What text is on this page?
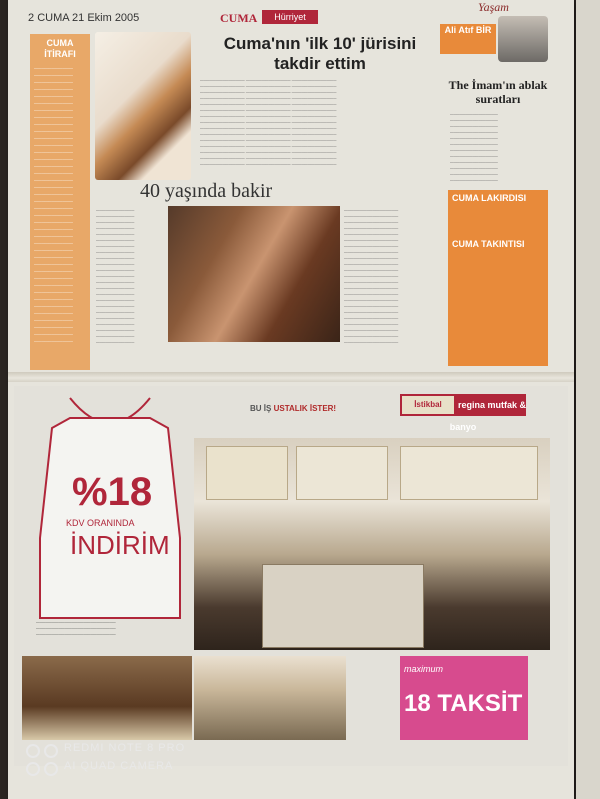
2 CUMA 21 Ekim 2005	CUMA	Hürriyet
Yaşam
CUMA İTİRAFI
───────────
───────────
───────────
───────────
───────────
───────────
───────────
───────────
───────────
───────────
───────────
───────────
───────────
───────────
───────────
───────────
───────────
───────────
───────────
───────────
───────────
───────────
───────────
───────────
───────────
───────────
───────────
───────────
───────────
───────────
───────────
───────────
───────────
───────────
───────────
───────────
───────────
───────────
───────────
───────────
Cuma'nın 'ilk 10' jürisini takdir ettim
────────────── ────────────── ──────────────
────────────── ────────────── ──────────────
────────────── ────────────── ──────────────
────────────── ────────────── ──────────────
────────────── ────────────── ──────────────
────────────── ────────────── ──────────────
────────────── ────────────── ──────────────
────────────── ────────────── ──────────────
────────────── ────────────── ──────────────
────────────── ────────────── ──────────────
────────────── ────────────── ──────────────
────────────── ────────────── ──────────────
────────────── ────────────── ──────────────
────────────── ────────────── ──────────────
────────────── ────────────── ──────────────
Ali Atıf BİR
The İmam'ın ablak suratları
───────────────
───────────────
───────────────
───────────────
───────────────
───────────────
───────────────
───────────────
───────────────
───────────────
───────────────
───────────────
CUMA LAKIRDISI
CUMA TAKINTISI
40 yaşında bakir
────────────
────────────
────────────
────────────
────────────
────────────
────────────
────────────
────────────
────────────
────────────
────────────
────────────
────────────
────────────
────────────
────────────
────────────
────────────
────────────
────────────
────────────
────────────
─────────────────
─────────────────
─────────────────
─────────────────
─────────────────
─────────────────
─────────────────
─────────────────
─────────────────
─────────────────
─────────────────
─────────────────
─────────────────
─────────────────
─────────────────
─────────────────
─────────────────
─────────────────
─────────────────
─────────────────
─────────────────
─────────────────
─────────────────
BU İŞ USTALIK İSTER!	regina mutfak & banyo
İstikbal
%18
KDV ORANINDA
İNDİRİM
─────────────────────────
─────────────────────────
─────────────────────────
maximum
18 TAKSİT
REDMI NOTE 8 PRO
AI QUAD CAMERA
